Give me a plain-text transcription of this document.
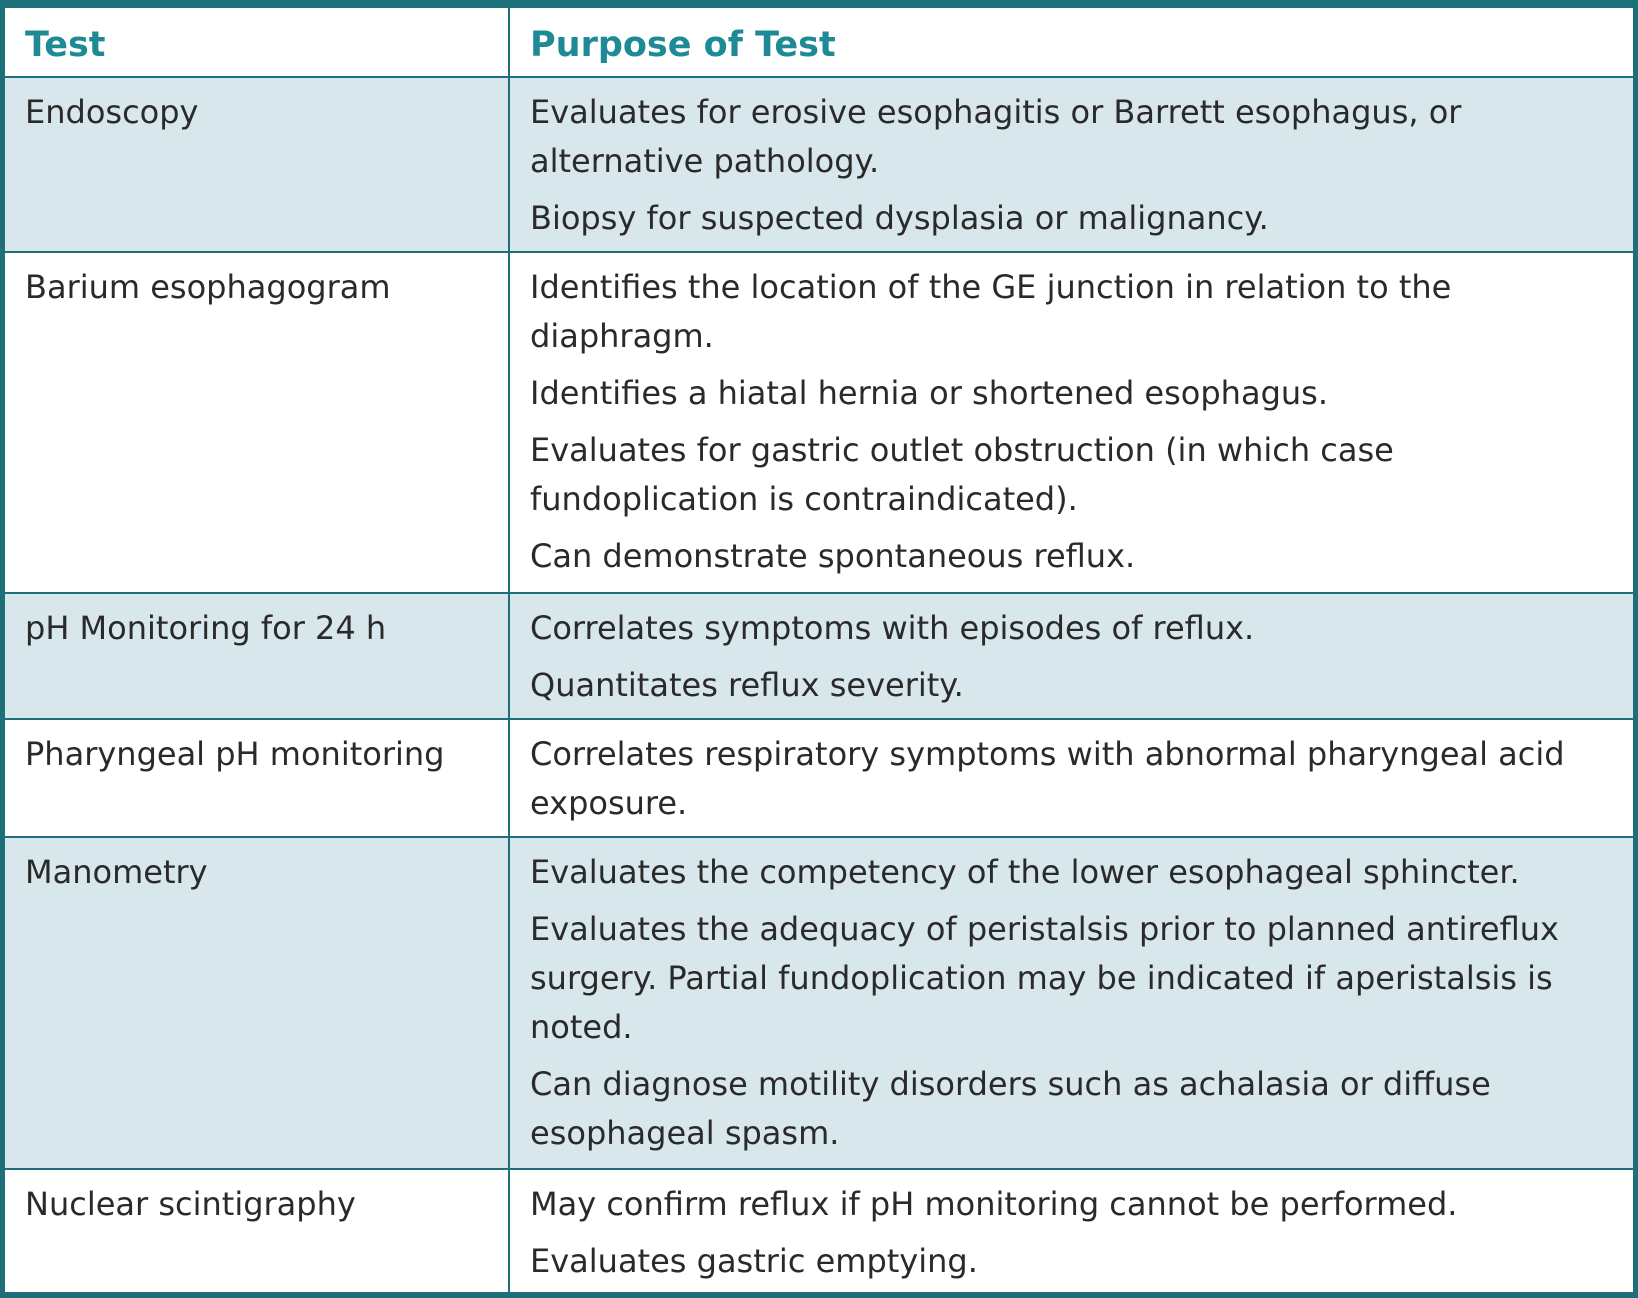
Test	Purpose of Test
Endoscopy	Evaluates for erosive esophagitis or Barrett esophagus, or alternative pathology.

Biopsy for suspected dysplasia or malignancy.

Barium esophagogram	Identifies the location of the GE junction in relation to the diaphragm.

Identifies a hiatal hernia or shortened esophagus.

Evaluates for gastric outlet obstruction (in which case fundoplication is contraindicated).

Can demonstrate spontaneous reflux.

pH Monitoring for 24 h	Correlates symptoms with episodes of reflux.

Quantitates reflux severity.

Pharyngeal pH monitoring	Correlates respiratory symptoms with abnormal pharyngeal acid exposure.

Manometry	Evaluates the competency of the lower esophageal sphincter.

Evaluates the adequacy of peristalsis prior to planned antireflux surgery. Partial fundoplication may be indicated if aperistalsis is noted.

Can diagnose motility disorders such as achalasia or diffuse esophageal spasm.

Nuclear scintigraphy	May confirm reflux if pH monitoring cannot be performed.

Evaluates gastric emptying.
